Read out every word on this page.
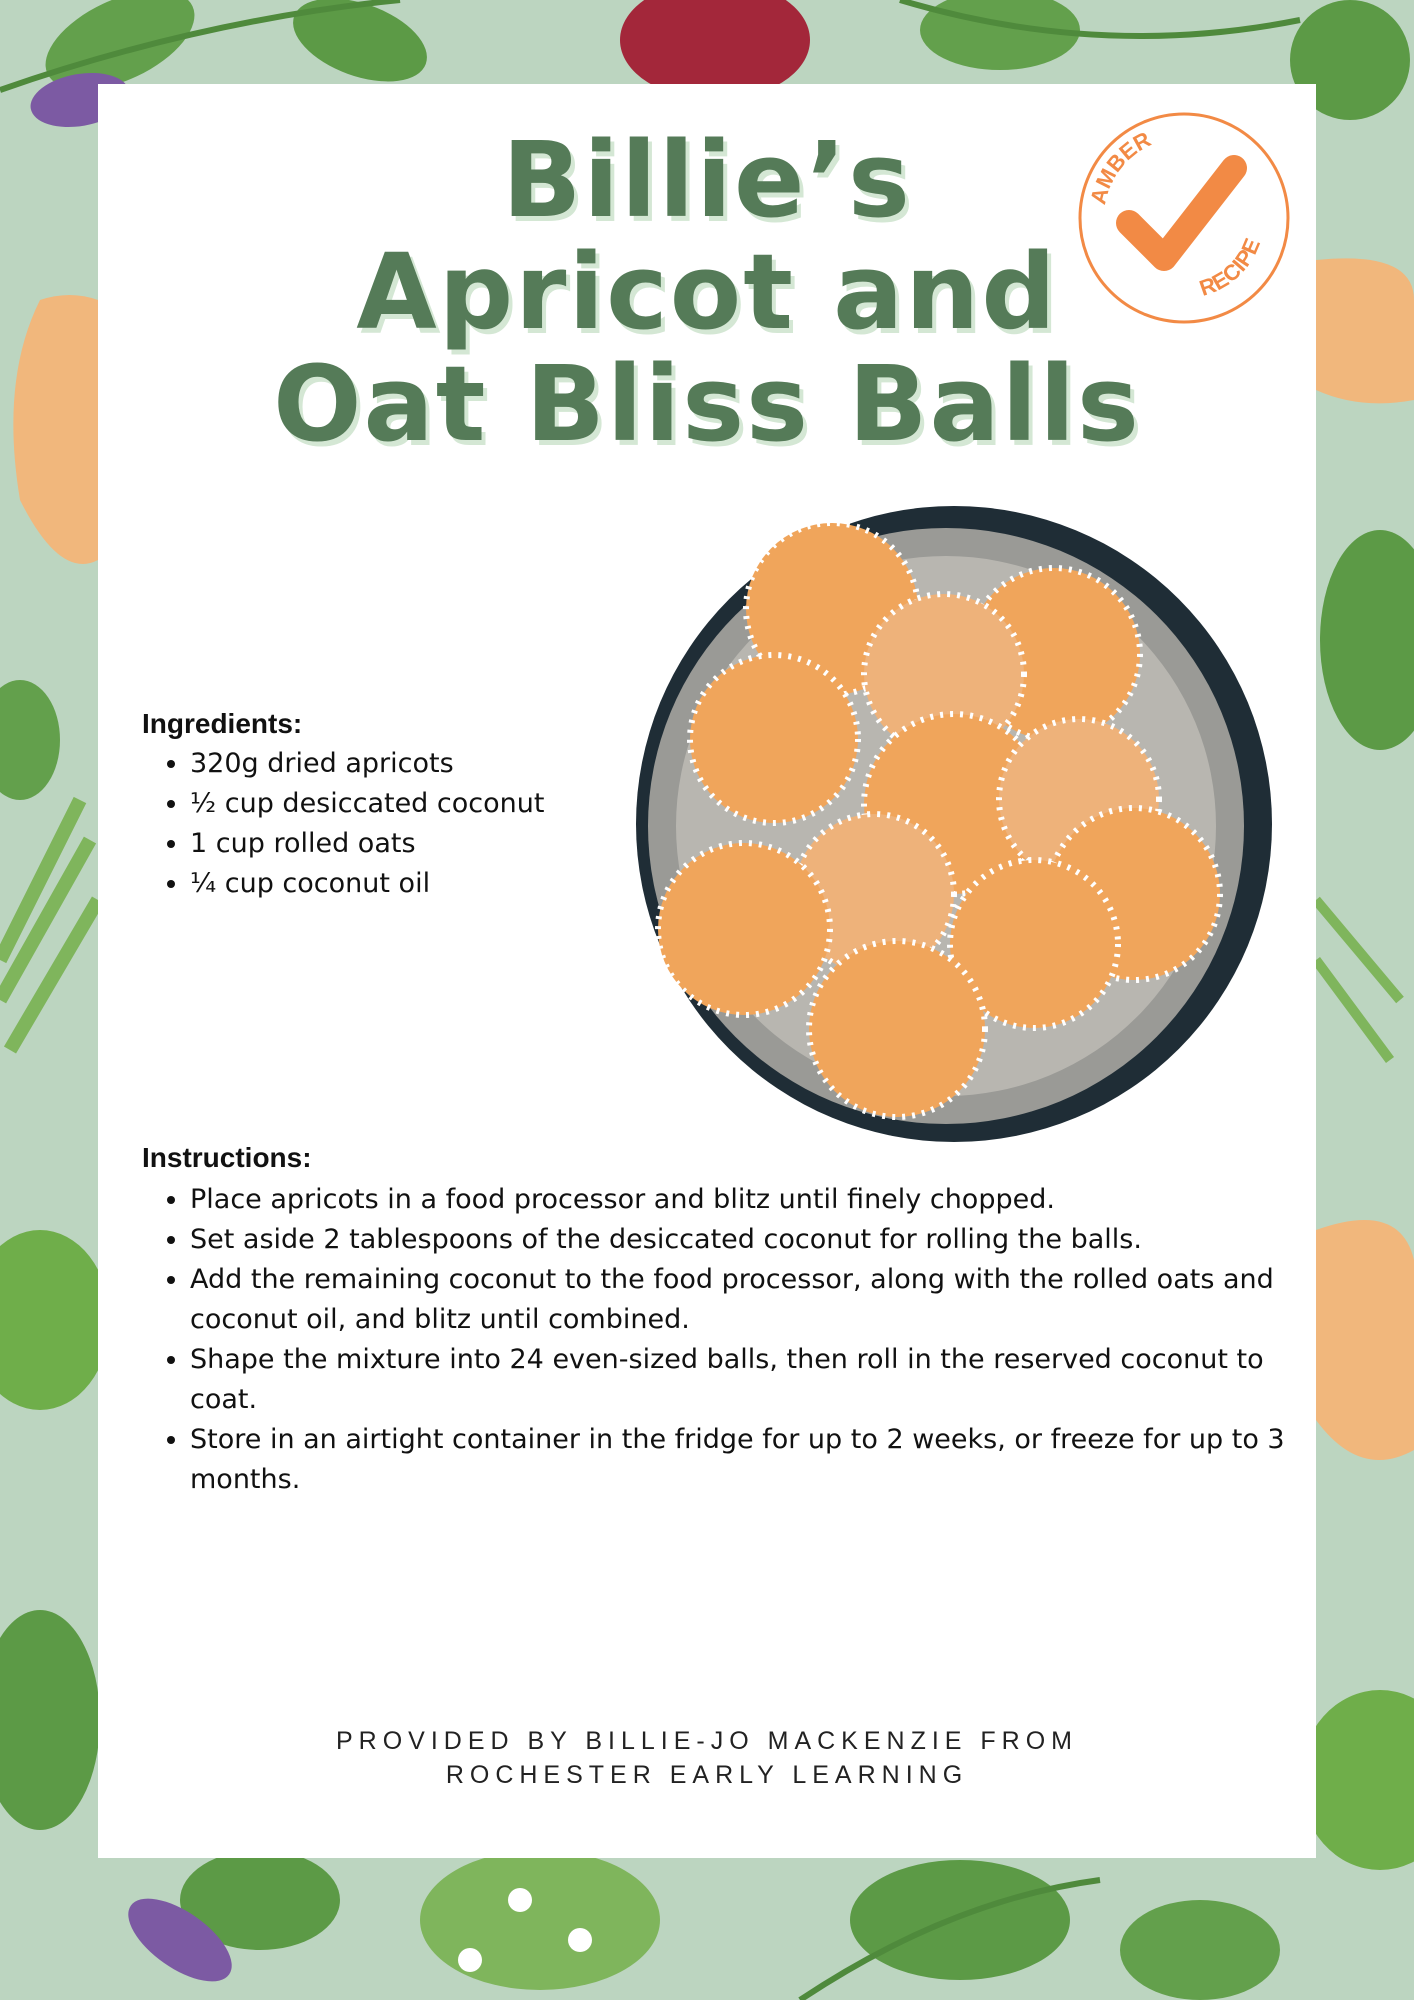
Billie’s
Apricot and
Oat Bliss Balls
AMBER
RECIPE
Ingredients:
• 320g dried apricots
• ½ cup desiccated coconut
• 1 cup rolled oats
• ¼ cup coconut oil
Instructions:
• Place apricots in a food processor and blitz until finely chopped.
• Set aside 2 tablespoons of the desiccated coconut for rolling the balls.
• Add the remaining coconut to the food processor, along with the rolled oats and coconut oil, and blitz until combined.
• Shape the mixture into 24 even-sized balls, then roll in the reserved coconut to coat.
• Store in an airtight container in the fridge for up to 2 weeks, or freeze for up to 3 months.
PROVIDED BY BILLIE-JO MACKENZIE FROM
ROCHESTER EARLY LEARNING
